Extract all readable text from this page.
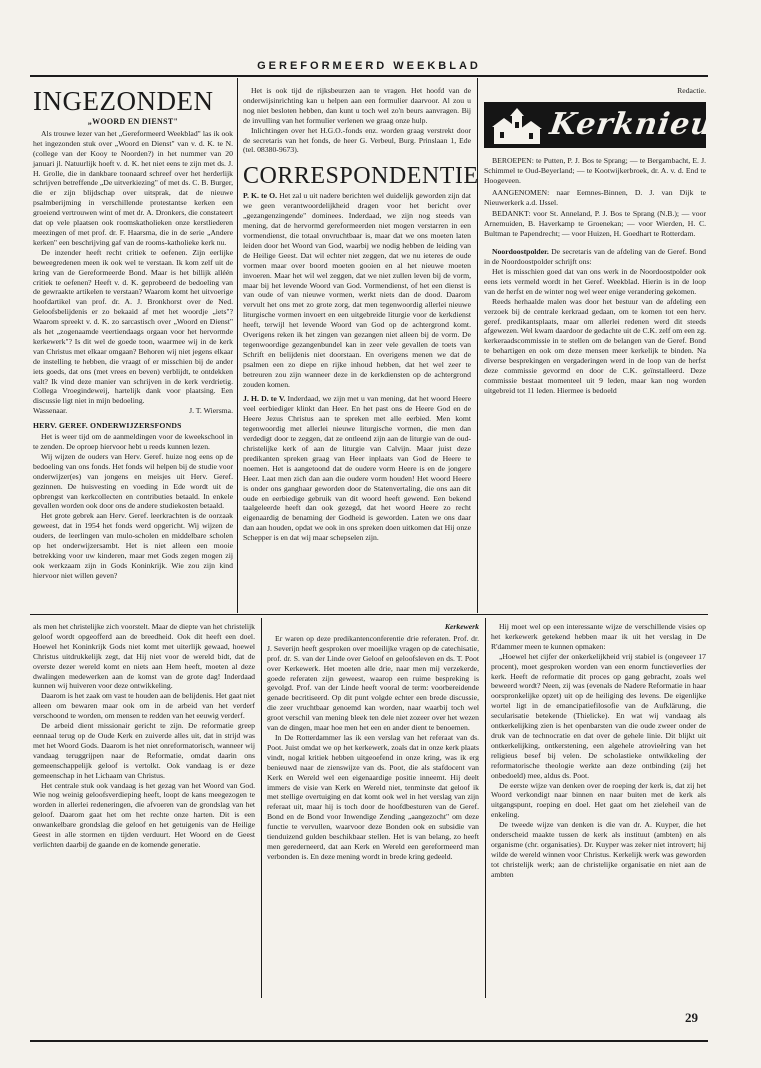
GEREFORMEERD WEEKBLAD
INGEZONDEN
„WOORD EN DIENST"

Als trouwe lezer van het „Gereformeerd Weekblad" las ik ook het ingezonden stuk over „Woord en Dienst" van v. d. K. te N. (college van der Kooy te Noorden?) in het nummer van 20 januari jl. Natuurlijk hoeft v. d. K. het niet eens te zijn met ds. J. H. Grolle, die in dankbare toonaard schreef over het herderlijk schrijven betreffende „De uitverkiezing" of met ds. C. B. Burger, die er zijn blijdschap over uitsprak, dat de nieuwe psalmberijming in verschillende protestantse kerken een groeiend vertrouwen wint of met dr. A. Dronkers, die constateert dat op vele plaatsen ook roomskatholieken onze kerstliederen meezingen of met prof. dr. F. Haarsma, die in de serie „Andere kerken" een beschrijving gaf van de rooms-katholieke kerk nu.

De inzender heeft recht critiek te oefenen. Zijn eerlijke beweegredenen meen ik ook wel te verstaan. Ik kom zelf uit de kring van de Gereformeerde Bond. Maar is het billijk alléén critiek te oefenen? Heeft v. d. K. geprobeerd de bedoeling van de gewraakte artikelen te verstaan? Waarom komt het uitvoerige hoofdartikel van prof. dr. A. J. Bronkhorst over de Ned. Geloofsbelijdenis er zo bekaaid af met het woordje „iets"? Waarom spreekt v. d. K. zo sarcastisch over „Woord en Dienst" als het „zogenaamde veertiendaags orgaan voor het hervormde kerkewerk"? Is dit wel de goede toon, waarmee wij in de kerk van Christus met elkaar omgaan? Behoren wij niet jegens elkaar de instelling te hebben, die vraagt of er misschien bij de ander iets goeds, dat ons (met vrees en beven) verblijdt, te ontdekken valt? Ik vind deze manier van schrijven in de kerk verdrietig. Collega Vroegindeweij, hartelijk dank voor plaatsing. Een discussie ligt niet in mijn bedoeling.

Wassenaar.	J. T. Wiersma.
HERV. GEREF. ONDERWIJZERSFONDS

Het is weer tijd om de aanmeldingen voor de kweekschool in te zenden. De oproep hiervoor hebt u reeds kunnen lezen.

Wij wijzen de ouders van Herv. Geref. huize nog eens op de bedoeling van ons fonds. Het fonds wil helpen bij de studie voor onderwijzer(es) van jongens en meisjes uit Herv. Geref. gezinnen. De huisvesting en voeding in Ede wordt uit de opbrengst van kerkcollecten en contributies betaald. In enkele gevallen worden ook door ons de andere studiekosten betaald.

Het grote gebrek aan Herv. Geref. leerkrachten is de oorzaak geweest, dat in 1954 het fonds werd opgericht. Wij wijzen de ouders, de leerlingen van mulo-scholen en middelbare scholen op het onderwijzersambt. Het is niet alleen een mooie betrekking voor uw kinderen, maar met Gods zegen mogen zij ook werkzaam zijn in Gods Koninkrijk. Wie zou zijn kind hiervoor niet willen geven?

Het is ook tijd de rijksbeurzen aan te vragen. Het hoofd van de onderwijsinrichting kan u helpen aan een formulier daarvoor. Al zou u nog niet besloten hebben, dan kunt u toch wel zo'n beurs aanvragen. Bij de invulling van het formulier verlenen we graag onze hulp.

Inlichtingen over het H.G.O.-fonds enz. worden graag verstrekt door de secretaris van het fonds, de heer G. Verbeul, Burg. Prinslaan 1, Ede (tel. 08380-9673).

CORRESPONDENTIE

P. K. te O. Het zal u uit nadere berichten wel duidelijk geworden zijn dat we geen verantwoordelijkheid dragen voor het bericht over „gezangenzingende" dominees. Inderdaad, we zijn nog steeds van mening, dat de hervormd gereformeerden niet mogen verstarren in een vormendienst, die totaal onvruchtbaar is, maar dat we ons moeten laten leiden door het Woord van God, waarbij we nodig hebben de leiding van de Heilige Geest. Dat wil echter niet zeggen, dat we nu ieteres de oude vormen maar over boord moeten gooien en al het nieuwe moeten invoeren. Maar het wil wel zeggen, dat we niet zullen leven bij de vorm, maar bij het levende Woord van God. Vormendienst, of het een dienst is van oude of van nieuwe vormen, werkt niets dan de dood. Daarom vervult het ons met zo grote zorg, dat men tegenwoordig allerlei nieuwe liturgische vormen invoert en een uitgebreide liturgie voor de kerkdienst heeft, terwijl het levende Woord van God op de achtergrond komt. Overigens reken ik het zingen van gezangen niet alleen bij de vorm. De tegenwoordige gezangenbundel kan in zeer vele gevallen de toets van Schrift en belijdenis niet doorstaan. En overigens menen we dat de psalmen een zo diepe en rijke inhoud hebben, dat het wel zeer te betreuren zou zijn wanneer deze in de kerkdiensten op de achtergrond zouden komen.

J. H. D. te V. Inderdaad, we zijn met u van mening, dat het woord Heere veel eerbiediger klinkt dan Heer. En het past ons de Heere God en de Heere Jezus Christus aan te spreken met alle eerbied. Men komt tegenwoordig met allerlei nieuwe liturgische vormen, die men dan verdedigt door te zeggen, dat ze ontleend zijn aan de liturgie van de oud-christelijke kerk of aan de liturgie van Calvijn. Maar juist deze predikanten spreken graag van Heer inplaats van God de Heere te noemen. Het is aangetoond dat de oudere vorm Heere is en de jongere Heer. Laat men zich dan aan die oudere vorm houden! Het woord Heere is onder ons ganghaar geworden door de Statenvertaling, die ons aan dit oude en eerbiedige gebruik van dit woord heeft gewend. Een bekend taalgeleerde heeft dan ook gezegd, dat het woord Heere zo recht eigenaardig de benaming der Godheid is geworden. Laten we ons daar dan aan houden, opdat we ook in ons spreken doen uitkomen dat Hij onze Schepper is en dat wij maar schepselen zijn.

Redactie.
Kerknieuws

BEROEPEN: te Putten, P. J. Bos te Sprang; — te Bergambacht, E. J. Schimmel te Oud-Beyerland; — te Kootwijkerbroek, dr. A. v. d. End te Hoogeveen.

AANGENOMEN: naar Eemnes-Binnen, D. J. van Dijk te Nieuwerkerk a.d. IJssel.

BEDANKT: voor St. Anneland, P. J. Bos te Sprang (N.B.); — voor Arnemuiden, B. Haverkamp te Groenekan; — voor Wierden, H. C. Bultman te Papendrecht; — voor Huizen, H. Goedhart te Rotterdam.

Noordoostpolder. De secretaris van de afdeling van de Geref. Bond in de Noordoostpolder schrijft ons:

Het is misschien goed dat van ons werk in de Noordoostpolder ook eens iets vermeld wordt in het Geref. Weekblad. Hierin is in de loop van de herfst en de winter nog wel weer enige verandering gekomen.

Reeds herhaalde malen was door het bestuur van de afdeling een verzoek bij de centrale kerkraad gedaan, om te komen tot een herv. geref. predikantsplaats, maar om allerlei redenen werd dit steeds afgewezen. Wel kwam daardoor de gedachte uit de C.K. zelf om een zg. kerkeraadscommissie in te stellen om de belangen van de Geref. Bond te behartigen en ook om deze mensen meer kerkelijk te binden. Na diverse besprekingen en vergaderingen werd in de loop van de herfst deze commissie gevormd en door de C.K. geïnstalleerd. Deze commissie bestaat momenteel uit 9 leden, maar kan nog worden uitgebreid tot 11 leden. Hiermee is bedoeld

als men het christelijke zich voorstelt. Maar de diepte van het christelijk geloof wordt opgeofferd aan de breedheid. Ook dit heeft een doel. Hoewel het Koninkrijk Gods niet komt met uiterlijk gewaad, hoewel Christus uitdrukkelijk zegt, dat Hij niet voor de wereld bidt, dat de overste dezer wereld komt en niets aan Hem heeft, moeten al deze dwalingen medewerken aan de komst van de grote dag! Inderdaad kunnen wij huiveren voor deze ontwikkeling.

Daarom is het zaak om vast te houden aan de belijdenis. Het gaat niet alleen om bewaren maar ook om in de arbeid van het verderf verschoond te worden, om mensen te redden van het eeuwig verderf.

De arbeid dient missionair gericht te zijn. De reformatie greep eennaal terug op de Oude Kerk en zuiverde alles uit, dat in strijd was met het Woord Gods. Daarom is het niet onreformatorisch, wanneer wij vandaag teruggrijpen naar de Reformatie, omdat daarin ons gemeenschappelijk geloof is vertolkt. Ook vandaag is er deze gemeenschap in het Lichaam van Christus.

Het centrale stuk ook vandaag is het gezag van het Woord van God. Wie nog weinig geloofsverdieping heeft, loopt de kans meegezogen te worden in allerlei redeneringen, die afvoeren van de grondslag van het geloof. Daarom gaat het om het rechte onze harten. Dit is een onwankelbare grondslag die geloof en het getuigenis van de Heilige Geest in alle stormen en tijden verduurt. Het Woord en de Geest verlichten daarbij de gaande en de komende generatie.

Kerkewerk

Er waren op deze predikantenconferentie drie referaten. Prof. dr. J. Severijn heeft gesproken over moeilijke vragen op de catechisatie, prof. dr. S. van der Linde over Geloof en geloofsleven en ds. T. Poot over Kerkewerk. Het moeten alle drie, naar men mij verzekerde, goede referaten zijn geweest, waarop een ruime bespreking is gevolgd. Prof. van der Linde heeft vooral de term: voorbereidende genade becritiseerd. Op dit punt volgde echter een brede discussie, die zeer vruchtbaar genoemd kan worden, naar waarbij toch wel groot verschil van mening bleek ten dele niet zozeer over het wezen van de dingen, maar hoe men het een en ander dient te benoemen.

In De Rotterdammer las ik een verslag van het referaat van ds. Poot. Juist omdat we op het kerkewerk, zoals dat in onze kerk plaats vindt, nogal kritiek hebben uitgeoefend in onze kring, was ik erg benieuwd naar de zienswijze van ds. Poot, die als stafdocent van Kerk en Wereld wel een eigenaardige positie inneemt. Hij deelt immers de visie van Kerk en Wereld niet, tenminste dat geloof ik met stellige overtuiging en dat komt ook wel in het verslag van zijn referaat uit, maar hij is toch door de hoofdbesturen van de Geref. Bond en de Bond voor Inwendige Zending „aangezocht" om deze functie te vervullen, waarvoor deze Bonden ook en subsidie van tienduizend gulden beschikbaar stellen. Het is van belang, zo heeft men gerederneerd, dat aan Kerk en Wereld een gereformeerd man verbonden is. En deze mening wordt in brede kring gedeeld.

Hij moet wel op een interessante wijze de verschillende visies op het kerkewerk getekend hebben maar ik uit het verslag in De R'dammer meen te kunnen opmaken:

„Hoewel het cijfer der onkerkelijkheid vrij stabiel is (ongeveer 17 procent), moet gesproken worden van een enorm functieverlies der kerk. Heeft de reformatie dit proces op gang gebracht, zoals wel beweerd wordt? Neen, zij was (evenals de Nadere Reformatie in haar oorspronkelijke opzet) uit op de heiliging des levens. De eigenlijke wortel ligt in de emancipatiefilosofie van de Aufklärung, die secularisatie betekende (Thielicke). En wat wij vandaag als ontkerkelijking zien is het openbarsten van die oude zweer onder de druk van de technocratie en dat over de gehele linie. Dit blijkt uit ontkerkelijking, ontkerstening, een algehele atrovieëring van het religieus besef bij velen. De scholastieke ontwikkeling der reformatorische theologie werkte aan deze ontbinding (zij het onbedoeld) mee, aldus ds. Poot.

De eerste wijze van denken over de roeping der kerk is, dat zij het Woord verkondigt naar binnen en naar buiten met de kerk als uitgangspunt, roeping en doel. Het gaat om het zieleheil van de enkeling.

De tweede wijze van denken is die van dr. A. Kuyper, die het onderscheid maakte tussen de kerk als instituut (ambten) en als organisme (chr. organisaties). Dr. Kuyper was zeker niet introvert; hij wilde de wereld winnen voor Christus. Kerkelijk werk was geworden tot christelijk werk; aan de christelijke organisatie en niet aan de ambten

29
